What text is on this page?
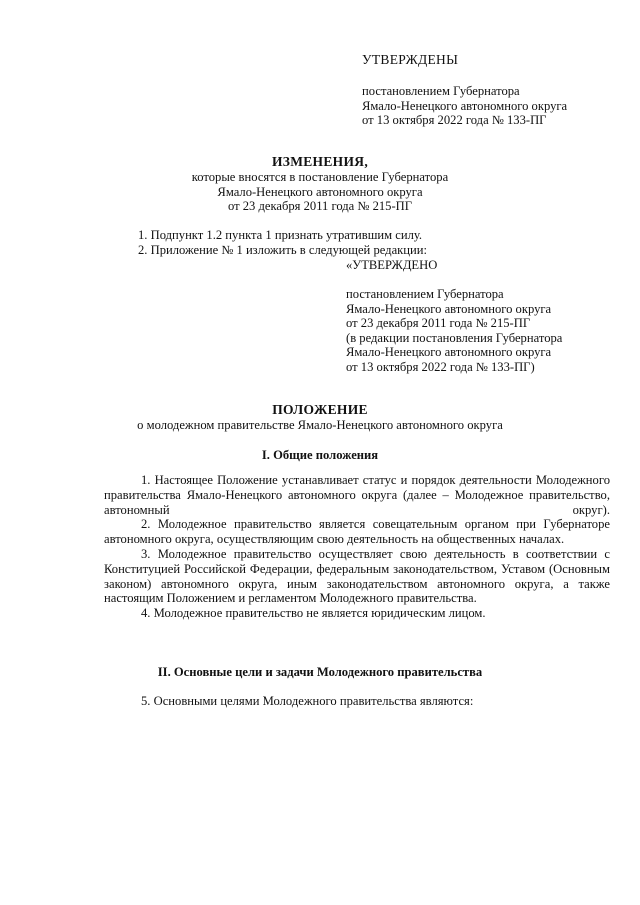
УТВЕРЖДЕНЫ
постановлением Губернатора
Ямало-Ненецкого автономного округа
от 13 октября 2022 года № 133-ПГ
ИЗМЕНЕНИЯ,
которые вносятся в постановление Губернатора
Ямало-Ненецкого автономного округа
от 23 декабря 2011 года № 215-ПГ
1. Подпункт 1.2 пункта 1 признать утратившим силу.
2. Приложение № 1 изложить в следующей редакции:
«УТВЕРЖДЕНО
постановлением Губернатора
Ямало-Ненецкого автономного округа
от 23 декабря 2011 года № 215-ПГ
(в редакции постановления Губернатора
Ямало-Ненецкого автономного округа
от 13 октября 2022 года № 133-ПГ)
ПОЛОЖЕНИЕ
о молодежном правительстве Ямало-Ненецкого автономного округа
I. Общие положения

1. Настоящее Положение устанавливает статус и порядок деятельности Молодежного правительства Ямало-Ненецкого автономного округа (далее – Молодежное правительство, автономный округ).

2. Молодежное правительство является совещательным органом при Губернаторе автономного округа, осуществляющим свою деятельность на общественных началах.

3. Молодежное правительство осуществляет свою деятельность в соответствии с Конституцией Российской Федерации, федеральным законодательством, Уставом (Основным законом) автономного округа, иным законодательством автономного округа, а также настоящим Положением и регламентом Молодежного правительства.

4. Молодежное правительство не является юридическим лицом.

II. Основные цели и задачи Молодежного правительства
5. Основными целями Молодежного правительства являются:
